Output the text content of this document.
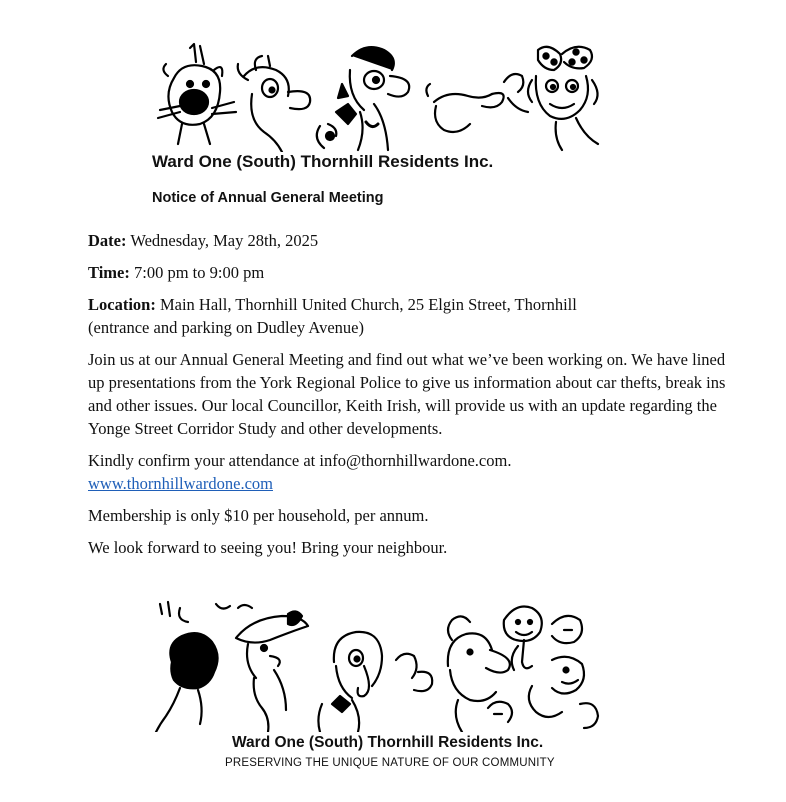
Ward One (South) Thornhill Residents Inc.
Notice of Annual General Meeting

Date: Wednesday, May 28th, 2025

Time: 7:00 pm to 9:00 pm

Location: Main Hall, Thornhill United Church, 25 Elgin Street, Thornhill
(entrance and parking on Dudley Avenue)

Join us at our Annual General Meeting and find out what we’ve been working on. We have lined up presentations from the York Regional Police to give us information about car thefts, break ins and other issues. Our local Councillor, Keith Irish, will provide us with an update regarding the Yonge Street Corridor Study and other developments.

Kindly confirm your attendance at info@thornhillwardone.com.
www.thornhillwardone.com

Membership is only $10 per household, per annum.

We look forward to seeing you! Bring your neighbour.

Ward One (South) Thornhill Residents Inc.

PRESERVING THE UNIQUE NATURE OF OUR COMMUNITY
